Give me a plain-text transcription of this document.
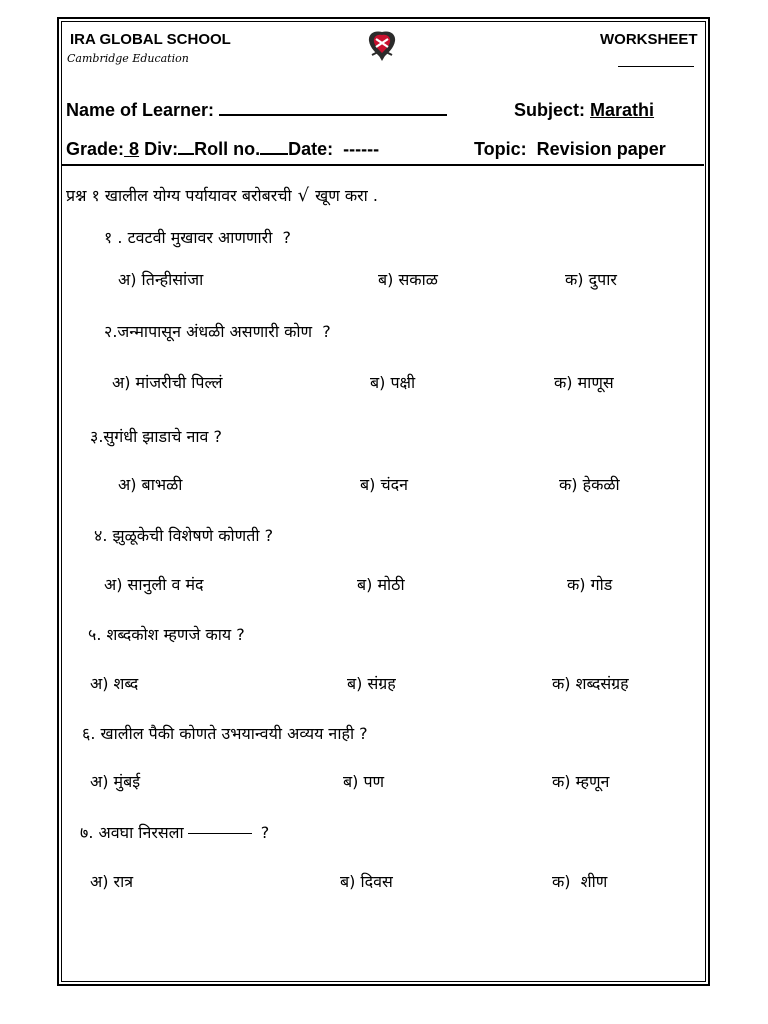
IRA GLOBAL SCHOOL
Cambridge Education
WORKSHEET
Name of Learner:	Subject: Marathi
Grade: 8 Div: Roll no. Date: ------	Topic: Revision paper
प्रश्न १ खालील योग्य पर्यायावर बरोबरची √ खूण करा .
१ . टवटवी मुखावर आणणारी  ?
अ) तिन्हीसांजा	ब) सकाळ	क) दुपार
२.जन्मापासून अंधळी असणारी कोण  ?
अ) मांजरीची पिल्लं	ब) पक्षी	क) माणूस
३.सुगंधी झाडाचे नाव ?
अ) बाभळी	ब) चंदन	क) हेकळी
४. झुळूकेची विशेषणे कोणती ?
अ) सानुली व मंद	ब) मोठी	क) गोड
५. शब्दकोश म्हणजे काय ?
अ) शब्द	ब) संग्रह	क) शब्दसंग्रह
६. खालील पैकी कोणते उभयान्वयी अव्यय नाही ?
अ) मुंबई	ब) पण	क) म्हणून
७. अवघा निरसला	?
अ) रात्र	ब) दिवस	क)  शीण
